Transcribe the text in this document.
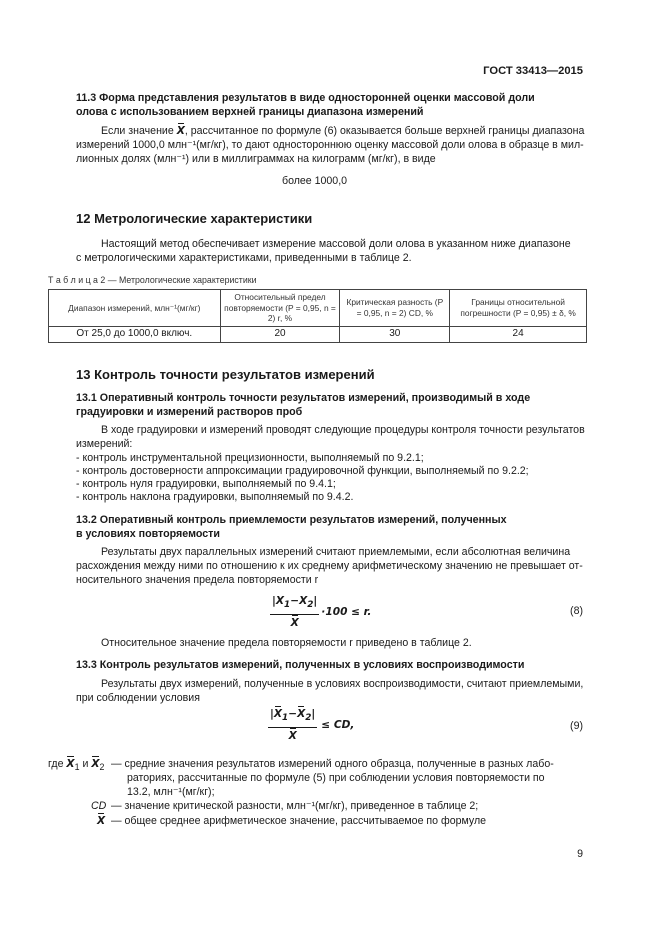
ГОСТ 33413—2015
11.3 Форма представления результатов в виде односторонней оценки массовой доли
олова с использованием верхней границы диапазона измерений
Если значение X, рассчитанное по формуле (6) оказывается больше верхней границы диапазона
измерений 1000,0 млн⁻¹(мг/кг), то дают одностороннюю оценку массовой доли олова в образце в мил-
лионных долях (млн⁻¹) или в миллиграммах на килограмм (мг/кг), в виде
более 1000,0
12 Метрологические характеристики
Настоящий метод обеспечивает измерение массовой доли олова в указанном ниже диапазоне
с метрологическими характеристиками, приведенными в таблице 2.
Т а б л и ц а 2 — Метрологические характеристики
Диапазон измерений, млн⁻¹(мг/кг)	Относительный предел повторяемости (P = 0,95, n = 2) r, %	Критическая разность (P = 0,95, n = 2) CD, %	Границы относительной погрешности (P = 0,95) ± δ, %
От 25,0 до 1000,0 включ.	20	30	24
13 Контроль точности результатов измерений
13.1 Оперативный контроль точности результатов измерений, производимый в ходе
градуировки и измерений растворов проб
В ходе градуировки и измерений проводят следующие процедуры контроля точности результатов
измерений:
- контроль инструментальной прецизионности, выполняемый по 9.2.1;
- контроль достоверности аппроксимации градуировочной функции, выполняемый по 9.2.2;
- контроль нуля градуировки, выполняемый по 9.4.1;
- контроль наклона градуировки, выполняемый по 9.4.2.
13.2 Оперативный контроль приемлемости результатов измерений, полученных
в условиях повторяемости
Результаты двух параллельных измерений считают приемлемыми, если абсолютная величина
расхождения между ними по отношению к их среднему арифметическому значению не превышает от-
носительного значения предела повторяемости r
$\frac{|X_1-X_2|}{X} \cdot 100 \le r$.	(8)
Относительное значение предела повторяемости r приведено в таблице 2.
13.3 Контроль результатов измерений, полученных в условиях воспроизводимости
Результаты двух измерений, полученные в условиях воспроизводимости, считают приемлемыми,
при соблюдении условия
$\frac{|X_1-X_2|}{X}$ ≤ CD,	(9)
где $X_1$ и $X_2$ — средние значения результатов измерений одного образца, полученные в разных лабо-
раториях, рассчитанные по формуле (5) при соблюдении условия повторяемости по
13.2, млн⁻¹(мг/кг);
CD — значение критической разности, млн⁻¹(мг/кг), приведенное в таблице 2;
X — общее среднее арифметическое значение, рассчитываемое по формуле
9
